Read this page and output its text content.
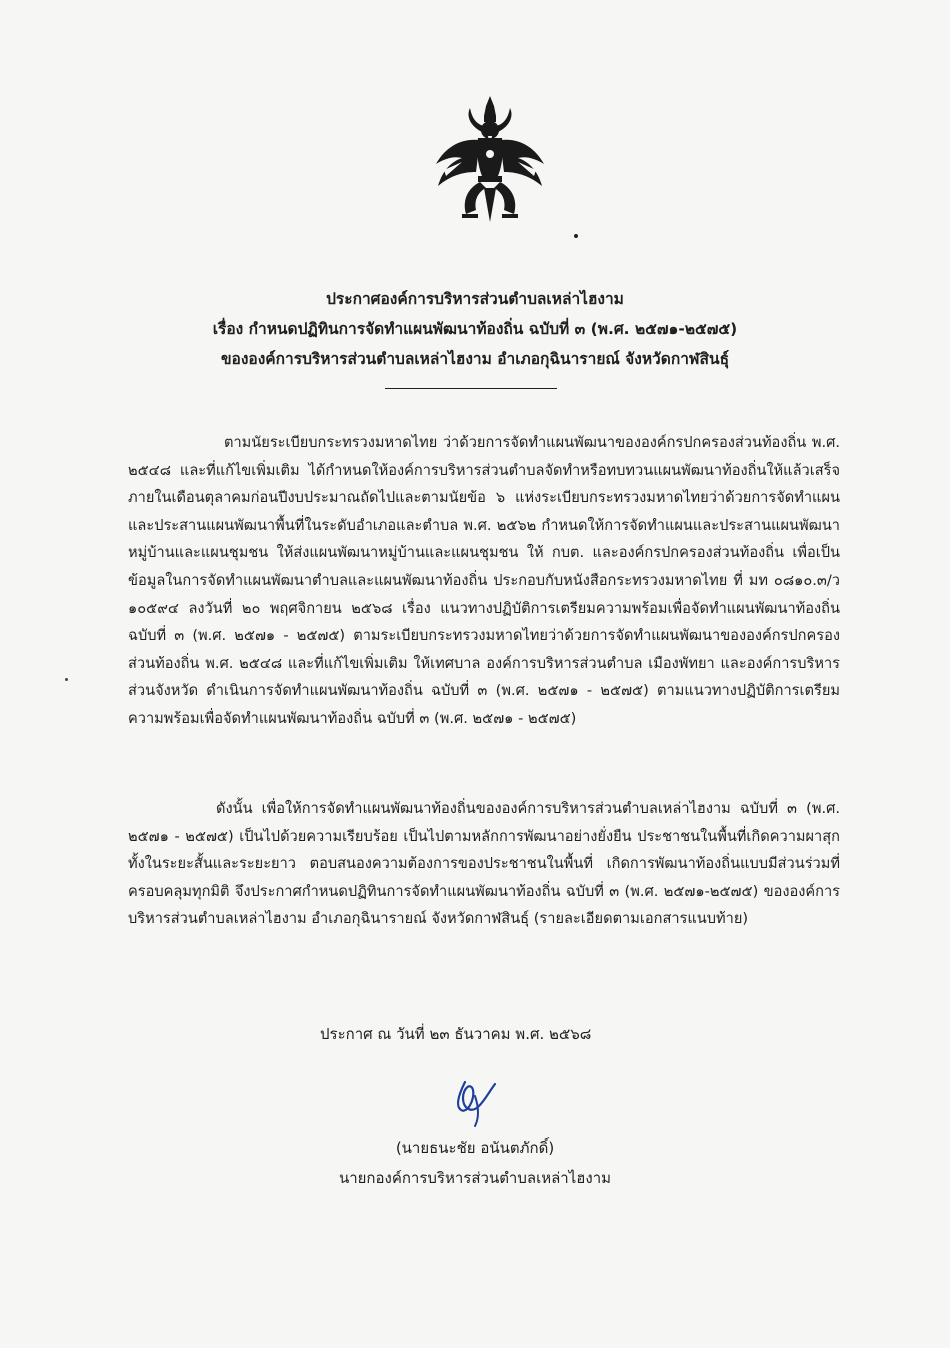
ประกาศองค์การบริหารส่วนตำบลเหล่าไฮงาม
เรื่อง กำหนดปฏิทินการจัดทำแผนพัฒนาท้องถิ่น ฉบับที่ ๓ (พ.ศ. ๒๕๗๑-๒๕๗๕)
ขององค์การบริหารส่วนตำบลเหล่าไฮงาม อำเภอกุฉินารายณ์ จังหวัดกาฬสินธุ์

ตามนัยระเบียบกระทรวงมหาดไทย ว่าด้วยการจัดทำแผนพัฒนาขององค์กรปกครองส่วนท้องถิ่น พ.ศ. ๒๕๔๘ และที่แก้ไขเพิ่มเติม ได้กำหนดให้องค์การบริหารส่วนตำบลจัดทำหรือทบทวนแผนพัฒนาท้องถิ่นให้แล้วเสร็จภายในเดือนตุลาคมก่อนปีงบประมาณถัดไปและตามนัยข้อ ๖ แห่งระเบียบกระทรวงมหาดไทยว่าด้วยการจัดทำแผนและประสานแผนพัฒนาพื้นที่ในระดับอำเภอและตำบล พ.ศ. ๒๕๖๒ กำหนดให้การจัดทำแผนและประสานแผนพัฒนาหมู่บ้านและแผนชุมชน ให้ส่งแผนพัฒนาหมู่บ้านและแผนชุมชน ให้ กบต. และองค์กรปกครองส่วนท้องถิ่น เพื่อเป็นข้อมูลในการจัดทำแผนพัฒนาตำบลและแผนพัฒนาท้องถิ่น ประกอบกับหนังสือกระทรวงมหาดไทย ที่ มท ๐๘๑๐.๓/ว ๑๐๕๙๔ ลงวันที่ ๒๐ พฤศจิกายน ๒๕๖๘ เรื่อง แนวทางปฏิบัติการเตรียมความพร้อมเพื่อจัดทำแผนพัฒนาท้องถิ่น ฉบับที่ ๓ (พ.ศ. ๒๕๗๑ - ๒๕๗๕) ตามระเบียบกระทรวงมหาดไทยว่าด้วยการจัดทำแผนพัฒนาขององค์กรปกครองส่วนท้องถิ่น พ.ศ. ๒๕๔๘ และที่แก้ไขเพิ่มเติม ให้เทศบาล องค์การบริหารส่วนตำบล เมืองพัทยา และองค์การบริหารส่วนจังหวัด ดำเนินการจัดทำแผนพัฒนาท้องถิ่น ฉบับที่ ๓ (พ.ศ. ๒๕๗๑ - ๒๕๗๕) ตามแนวทางปฏิบัติการเตรียมความพร้อมเพื่อจัดทำแผนพัฒนาท้องถิ่น ฉบับที่ ๓ (พ.ศ. ๒๕๗๑ - ๒๕๗๕)

ดังนั้น เพื่อให้การจัดทำแผนพัฒนาท้องถิ่นขององค์การบริหารส่วนตำบลเหล่าไฮงาม ฉบับที่ ๓ (พ.ศ. ๒๕๗๑ - ๒๕๗๕) เป็นไปด้วยความเรียบร้อย เป็นไปตามหลักการพัฒนาอย่างยั่งยืน ประชาชนในพื้นที่เกิดความผาสุกทั้งในระยะสั้นและระยะยาว ตอบสนองความต้องการของประชาชนในพื้นที่ เกิดการพัฒนาท้องถิ่นแบบมีส่วนร่วมที่ครอบคลุมทุกมิติ จึงประกาศกำหนดปฏิทินการจัดทำแผนพัฒนาท้องถิ่น ฉบับที่ ๓ (พ.ศ. ๒๕๗๑-๒๕๗๕) ขององค์การบริหารส่วนตำบลเหล่าไฮงาม อำเภอกุฉินารายณ์ จังหวัดกาฬสินธุ์ (รายละเอียดตามเอกสารแนบท้าย)

ประกาศ ณ วันที่ ๒๓ ธันวาคม พ.ศ. ๒๕๖๘
(นายธนะชัย อนันตภักดิ์)
นายกองค์การบริหารส่วนตำบลเหล่าไฮงาม
